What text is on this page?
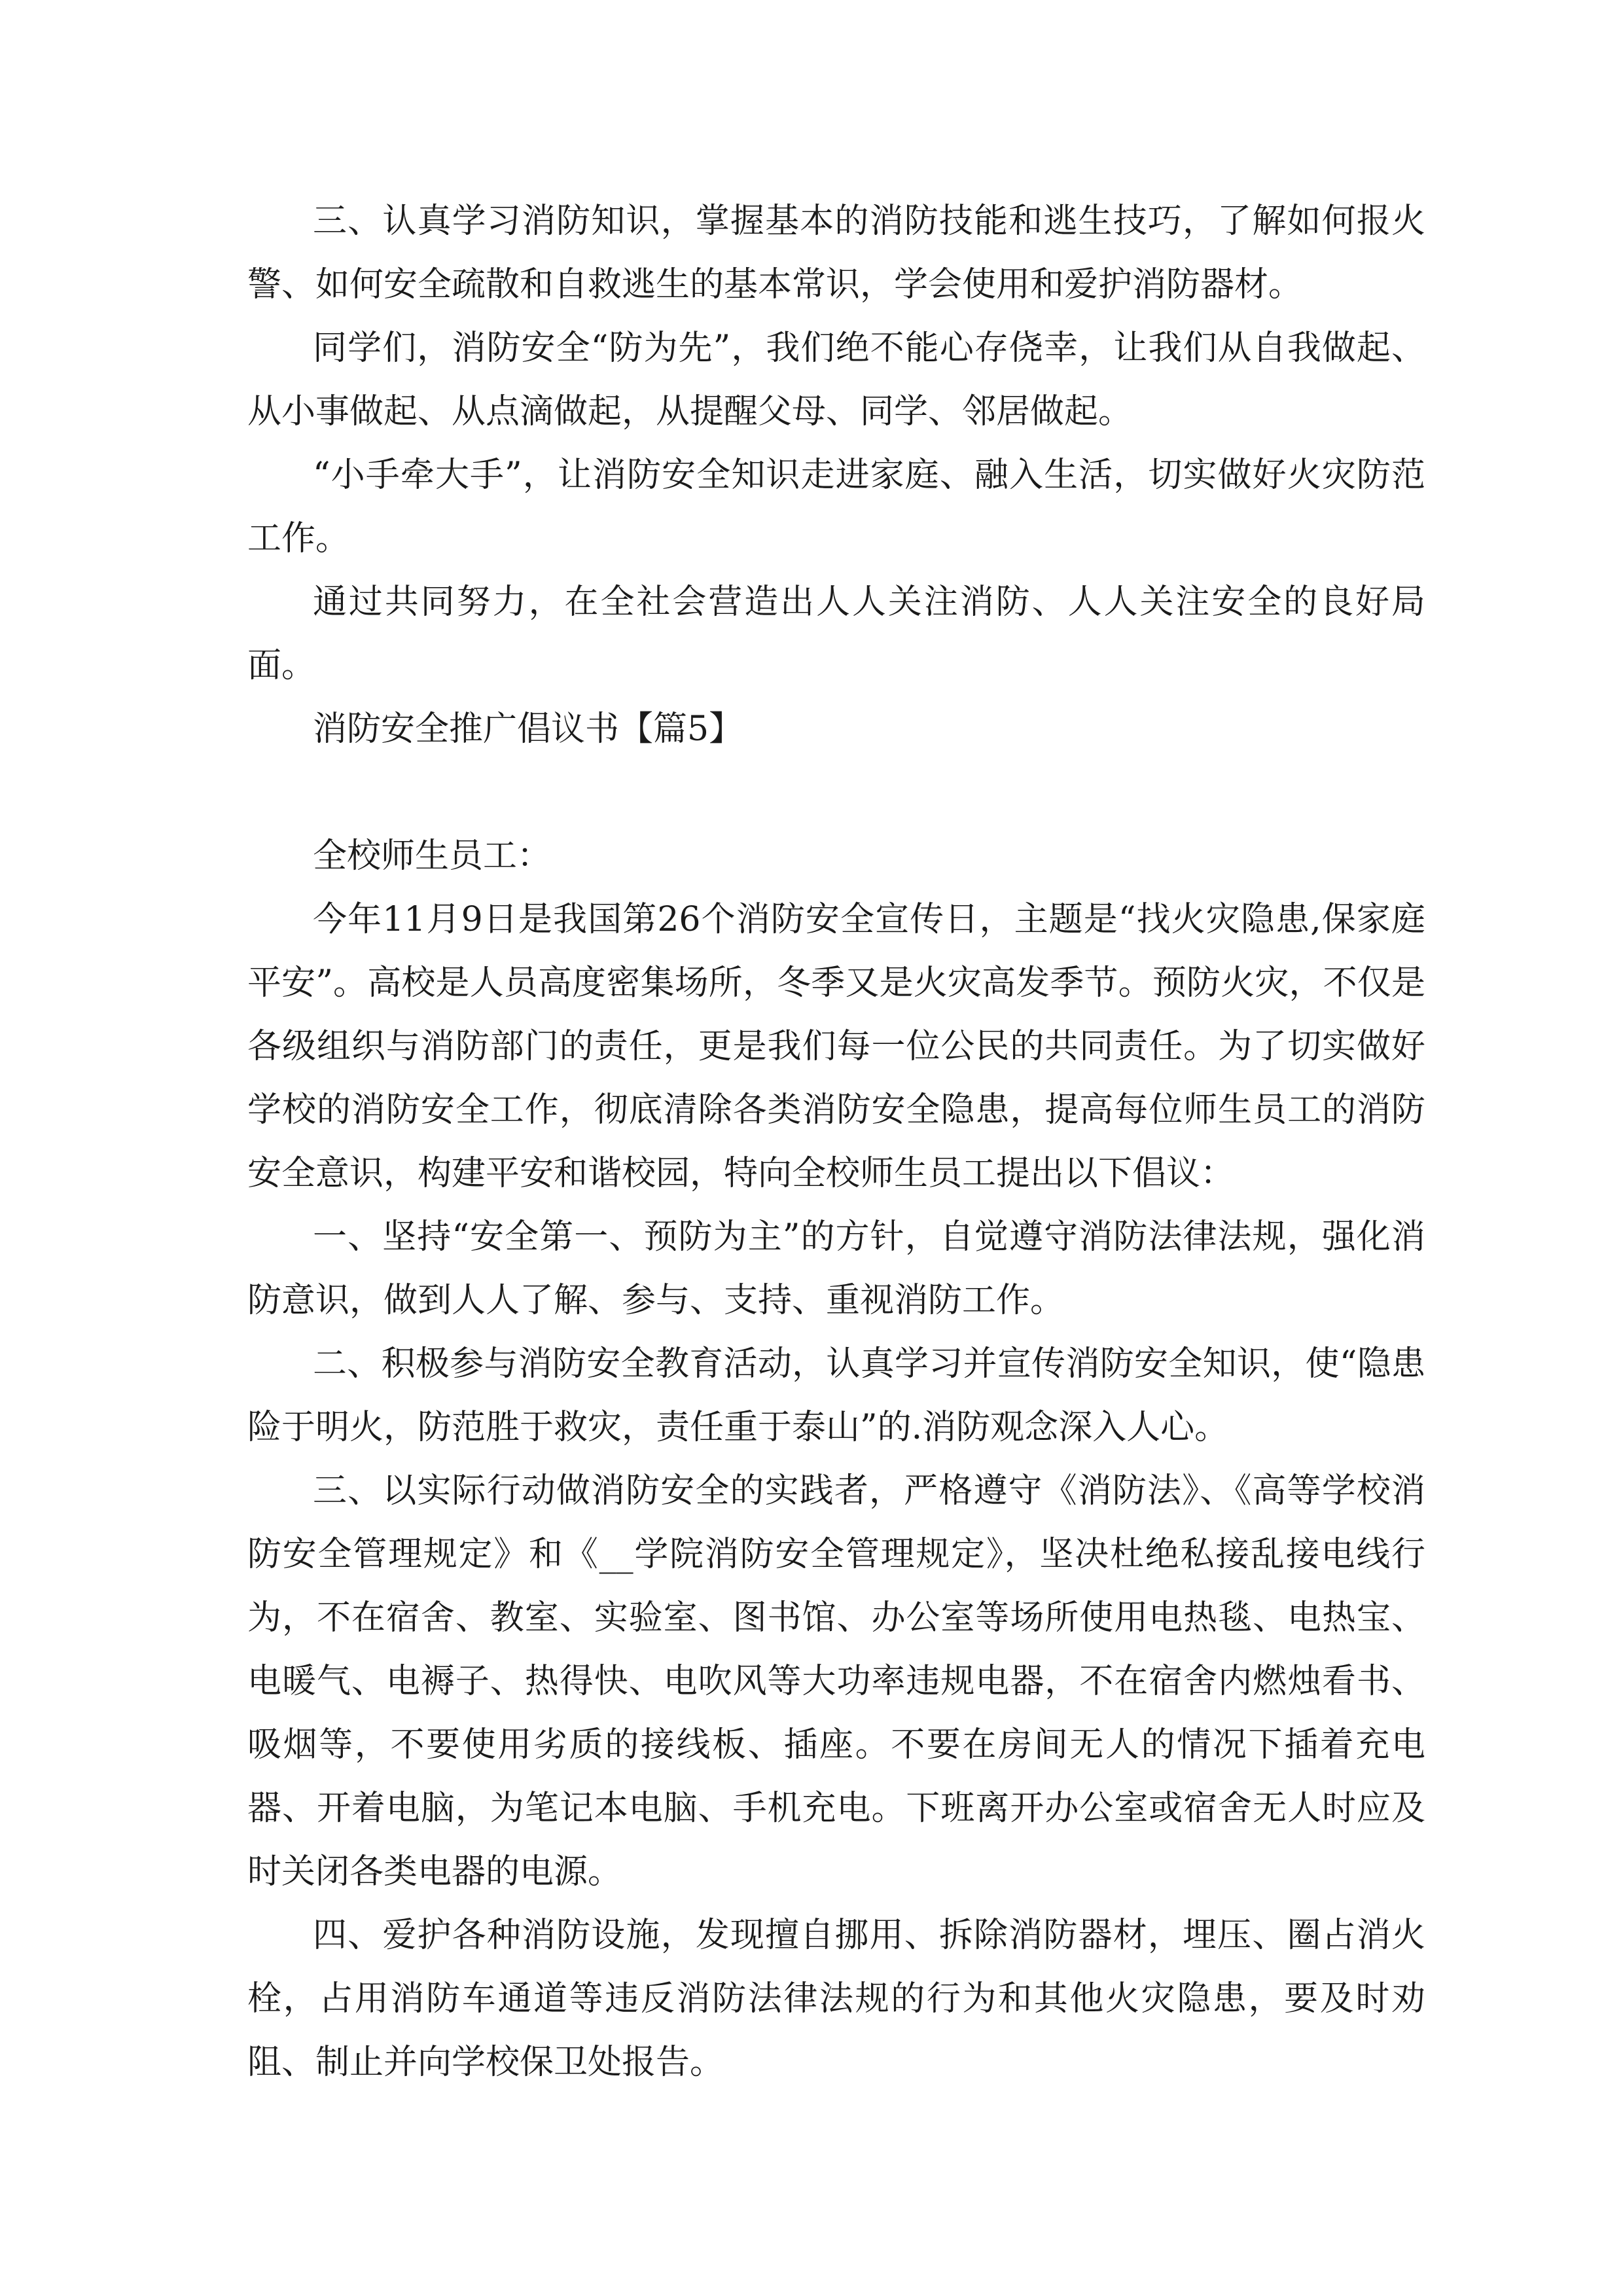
三、认真学习消防知识，掌握基本的消防技能和逃生技巧，了解如何报火警、如何安全疏散和自救逃生的基本常识，学会使用和爱护消防器材。

同学们，消防安全“防为先”，我们绝不能心存侥幸，让我们从自我做起、从小事做起、从点滴做起，从提醒父母、同学、邻居做起。

“小手牵大手”，让消防安全知识走进家庭、融入生活，切实做好火灾防范工作。

通过共同努力，在全社会营造出人人关注消防、人人关注安全的良好局面。

消防安全推广倡议书【篇5】

全校师生员工：

今年11月9日是我国第26个消防安全宣传日，主题是“找火灾隐患,保家庭平安”。高校是人员高度密集场所，冬季又是火灾高发季节。预防火灾，不仅是各级组织与消防部门的责任，更是我们每一位公民的共同责任。为了切实做好学校的消防安全工作，彻底清除各类消防安全隐患，提高每位师生员工的消防安全意识，构建平安和谐校园，特向全校师生员工提出以下倡议：

一、坚持“安全第一、预防为主”的方针，自觉遵守消防法律法规，强化消防意识，做到人人了解、参与、支持、重视消防工作。

二、积极参与消防安全教育活动，认真学习并宣传消防安全知识，使“隐患险于明火，防范胜于救灾，责任重于泰山”的.消防观念深入人心。

三、以实际行动做消防安全的实践者，严格遵守《消防法》、《高等学校消防安全管理规定》和《__学院消防安全管理规定》，坚决杜绝私接乱接电线行为，不在宿舍、教室、实验室、图书馆、办公室等场所使用电热毯、电热宝、电暖气、电褥子、热得快、电吹风等大功率违规电器，不在宿舍内燃烛看书、吸烟等，不要使用劣质的接线板、插座。不要在房间无人的情况下插着充电器、开着电脑，为笔记本电脑、手机充电。下班离开办公室或宿舍无人时应及时关闭各类电器的电源。

四、爱护各种消防设施，发现擅自挪用、拆除消防器材，埋压、圈占消火栓，占用消防车通道等违反消防法律法规的行为和其他火灾隐患，要及时劝阻、制止并向学校保卫处报告。
